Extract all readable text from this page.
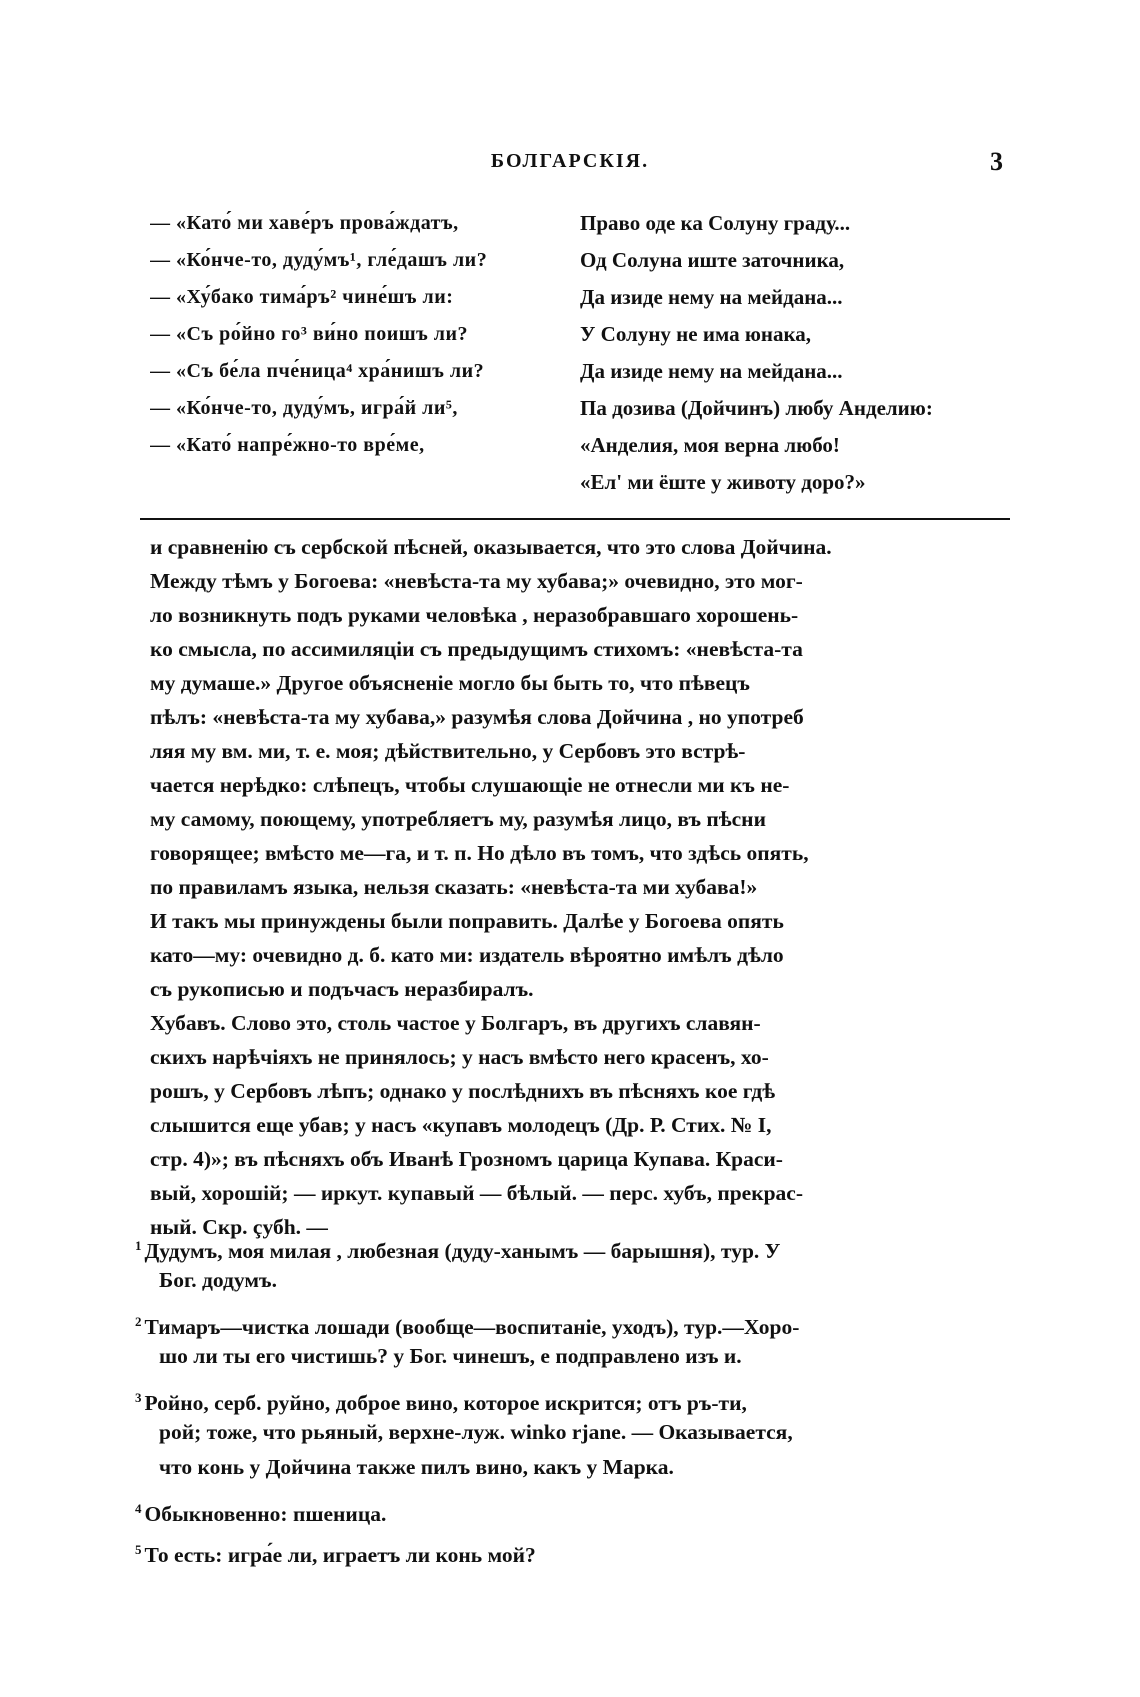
БОЛГАРСКІЯ.	3
— «Като́ ми хаве́ръ прова́ждатъ,
— «Ко́нче-то, дуду́мъ¹, гле́дашъ ли?
— «Ху́бако тима́ръ² чине́шъ ли:
— «Съ ро́йно го³ ви́но поишъ ли?
— «Съ бе́ла пче́ница⁴ хра́нишъ ли?
— «Ко́нче-то, дуду́мъ, игра́й ли⁵,
— «Като́ напре́жно-то вре́ме,
Право оде ка Солуну граду...
Од Солуна иште заточника,
Да изиде нему на мейдана...
У Солуну не има юнака,
Да изиде нему на мейдана...
Па дозива (Дойчинъ) любу Анделию:
«Анделия, моя верна любо!
«Ел' ми ёште у животу доро?»
и сравненію съ сербской пѣсней, оказывается, что это слова Дойчина.
Между тѣмъ у Богоева: «невѣста-та му хубава;» очевидно, это мог-
ло возникнуть подъ руками человѣка , неразобравшаго хорошень-
ко смысла, по ассимиляціи съ предыдущимъ стихомъ: «невѣста-та
му думаше.» Другое объясненіе могло бы быть то, что пѣвецъ
пѣлъ: «невѣста-та му хубава,» разумѣя слова Дойчина , но употреб
ляя му вм. ми, т. е. моя; дѣйствительно, у Сербовъ это встрѣ-
чается нерѣдко: слѣпецъ, чтобы слушающіе не отнесли ми къ не-
му самому, поющему, употребляетъ му, разумѣя лицо, въ пѣсни
говорящее; вмѣсто ме—га, и т. п. Но дѣло въ томъ, что здѣсь опять,
по правиламъ языка, нельзя сказать: «невѣста-та ми хубава!»
И такъ мы принуждены были поправить. Далѣе у Богоева опять
като—му: очевидно д. б. като ми: издатель вѣроятно имѣлъ дѣло
съ рукописью и подъчасъ неразбиралъ.
Хубавъ. Слово это, столь частое у Болгаръ, въ другихъ славян-
скихъ нарѣчіяхъ не принялось; у насъ вмѣсто него красенъ, хо-
рошъ, у Сербовъ лѣпъ; однако у послѣднихъ въ пѣсняхъ кое гдѣ
слышится еще убав; у насъ «купавъ молодецъ (Др. Р. Стих. № I,
стр. 4)»; въ пѣсняхъ объ Иванѣ Грозномъ царица Купава. Краси-
вый, хорошій; — иркут. купавый — бѣлый. — перс. хубъ, прекрас-
ный. Скр. çубһ. —
$^1$ Дудумъ, моя милая , любезная (дуду-ханымъ — барышня), тур. У
Бог. додумъ.
$^2$ Тимаръ—чистка лошади (вообще—воспитаніе, уходъ), тур.—Хоро-
шо ли ты его чистишь? у Бог. чинешъ, е подправлено изъ и.
$^3$ Ройно, серб. руйно, доброе вино, которое искрится; отъ ръ-ти,
рой; тоже, что рьяный, верхне-луж. winko rjane. — Оказывается,
что конь у Дойчина также пилъ вино, какъ у Марка.
$^4$ Обыкновенно: пшеница.
$^5$ То есть: игра́е ли, играетъ ли конь мой?
